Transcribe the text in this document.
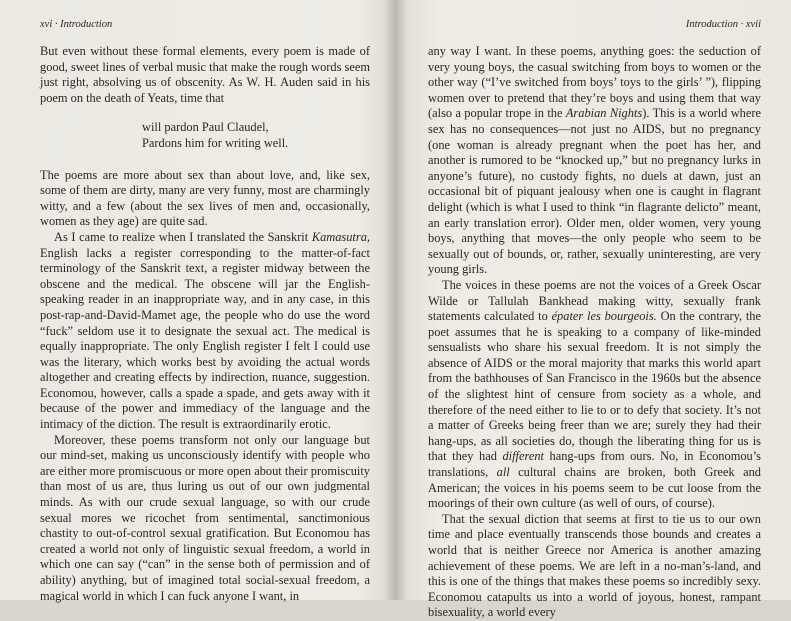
xvi · Introduction

But even without these formal elements, every poem is made of good, sweet lines of verbal music that make the rough words seem just right, absolving us of obscenity. As W. H. Auden said in his poem on the death of Yeats, time that

will pardon Paul Claudel,
Pardons him for writing well.

The poems are more about sex than about love, and, like sex, some of them are dirty, many are very funny, most are charmingly witty, and a few (about the sex lives of men and, occasionally, women as they age) are quite sad.

As I came to realize when I translated the Sanskrit Kamasutra, English lacks a register corresponding to the matter-of-fact terminology of the Sanskrit text, a register midway between the obscene and the medical. The obscene will jar the English-speaking reader in an inappropriate way, and in any case, in this post-rap-and-David-Mamet age, the people who do use the word “fuck” seldom use it to designate the sexual act. The medical is equally inappropriate. The only English register I felt I could use was the literary, which works best by avoiding the actual words altogether and creating effects by indirection, nuance, suggestion. Economou, however, calls a spade a spade, and gets away with it because of the power and immediacy of the language and the intimacy of the diction. The result is extraordinarily erotic.

Moreover, these poems transform not only our language but our mind-set, making us unconsciously identify with people who are either more promiscuous or more open about their promiscuity than most of us are, thus luring us out of our own judgmental minds. As with our crude sexual language, so with our crude sexual mores we ricochet from sentimental, sanctimonious chastity to out-of-control sexual gratification. But Economou has created a world not only of linguistic sexual freedom, a world in which one can say (“can” in the sense both of permission and of ability) anything, but of imagined total social-sexual freedom, a magical world in which I can fuck anyone I want, in

Introduction · xvii

any way I want. In these poems, anything goes: the seduction of very young boys, the casual switching from boys to women or the other way (“I’ve switched from boys’ toys to the girls’ ”), flipping women over to pretend that they’re boys and using them that way (also a popular trope in the Arabian Nights). This is a world where sex has no consequences—not just no AIDS, but no pregnancy (one woman is already pregnant when the poet has her, and another is rumored to be “knocked up,” but no pregnancy lurks in anyone’s future), no custody fights, no duels at dawn, just an occasional bit of piquant jealousy when one is caught in flagrant delight (which is what I used to think “in flagrante delicto” meant, an early translation error). Older men, older women, very young boys, anything that moves—the only people who seem to be sexually out of bounds, or, rather, sexually uninteresting, are very young girls.

The voices in these poems are not the voices of a Greek Oscar Wilde or Tallulah Bankhead making witty, sexually frank statements calculated to épater les bourgeois. On the contrary, the poet assumes that he is speaking to a company of like-minded sensualists who share his sexual freedom. It is not simply the absence of AIDS or the moral majority that marks this world apart from the bathhouses of San Francisco in the 1960s but the absence of the slightest hint of censure from society as a whole, and therefore of the need either to lie to or to defy that society. It’s not a matter of Greeks being freer than we are; surely they had their hang-ups, as all societies do, though the liberating thing for us is that they had different hang-ups from ours. No, in Economou’s translations, all cultural chains are broken, both Greek and American; the voices in his poems seem to be cut loose from the moorings of their own culture (as well of ours, of course).

That the sexual diction that seems at first to tie us to our own time and place eventually transcends those bounds and creates a world that is neither Greece nor America is another amazing achievement of these poems. We are left in a no-man’s-land, and this is one of the things that makes these poems so incredibly sexy. Economou catapults us into a world of joyous, honest, rampant bisexuality, a world every
